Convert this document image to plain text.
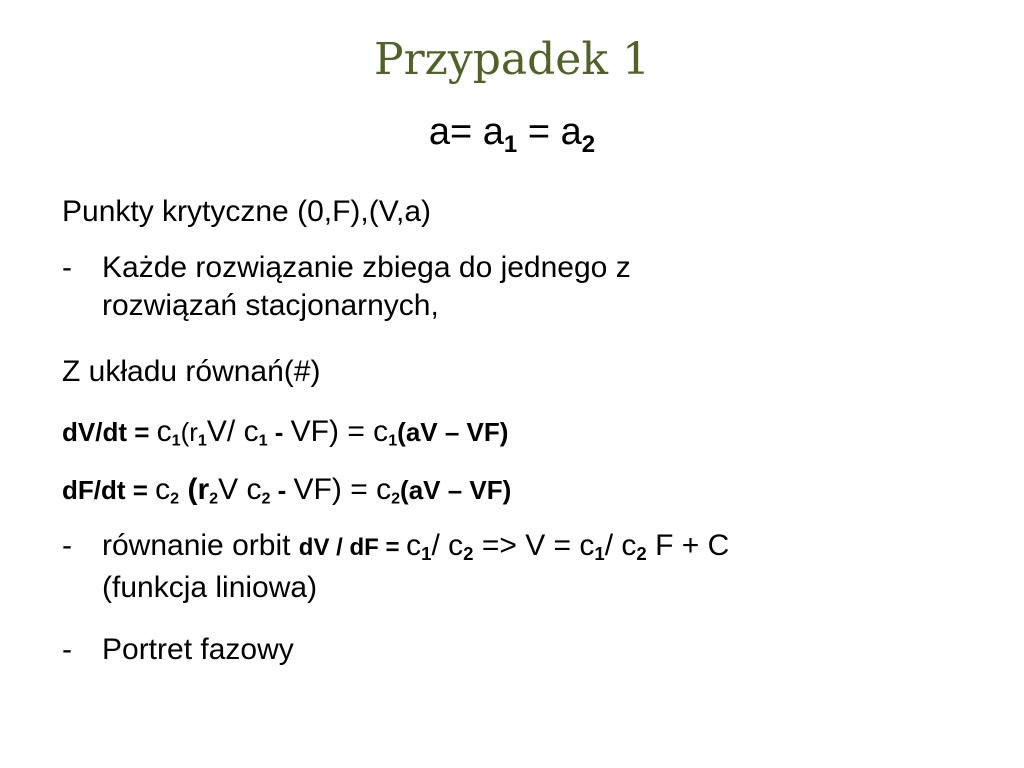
Przypadek 1
$a= a_1 = a_2$
Punkty krytyczne (0,F),(V,a)
- Każde rozwiązanie zbiega do jednego z
rozwiązań stacjonarnych,
Z układu równań(#)
$dV/dt = c_1(r_1V/$ $c_1 - VF) = c_1(aV - VF)$
$dF/dt = c_2$ ($r_2V$ $c_2 - VF) = c_2(aV - VF)$
- równanie orbit dV / dF = $c_1/$ $c_2 => V = c_1/$ $c_2$ F + C
(funkcja liniowa)
- Portret fazowy
